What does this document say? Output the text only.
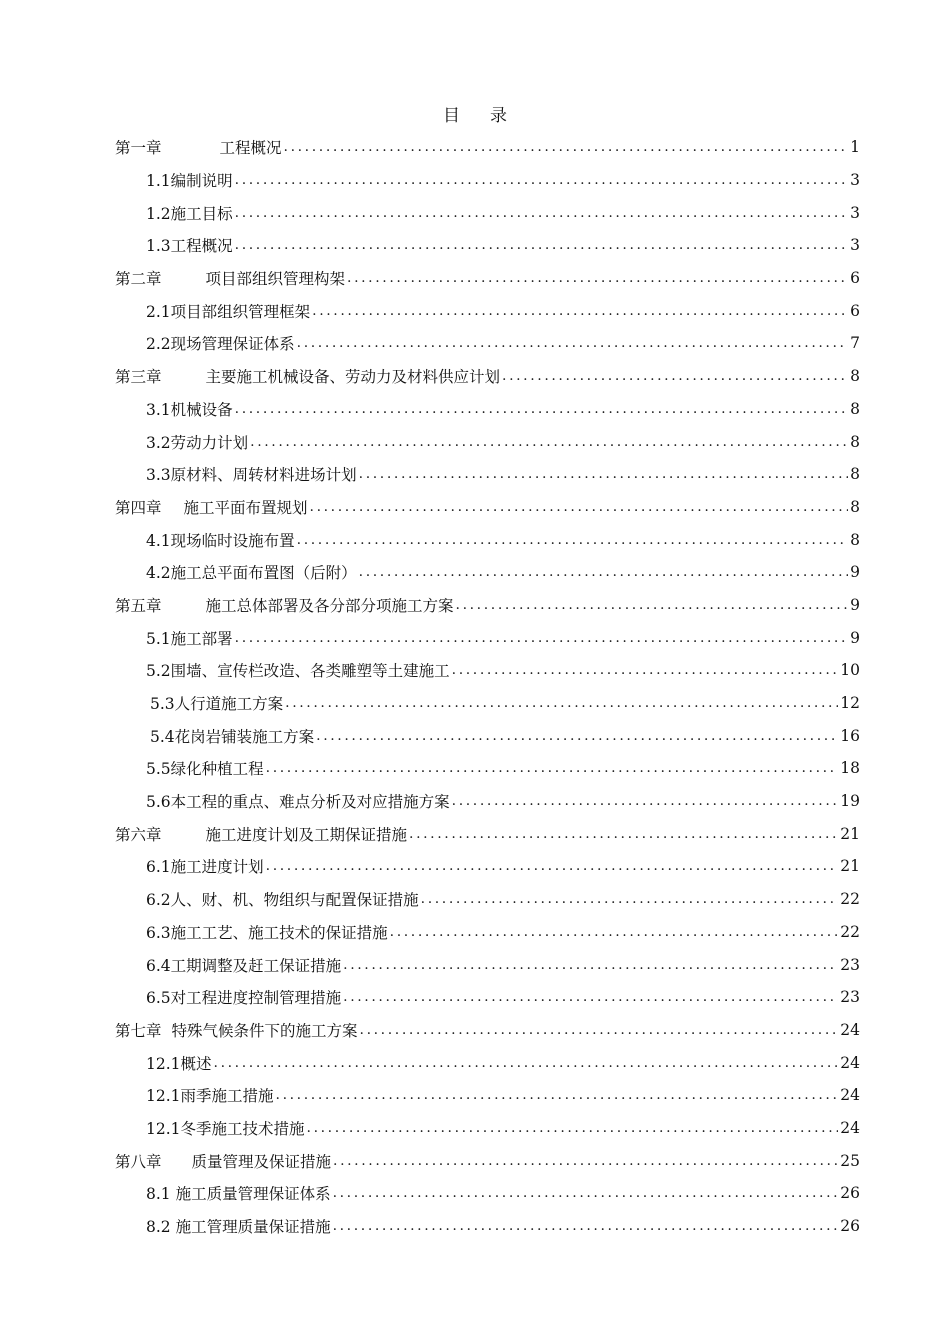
目 录
第一章	工程概况 .....	1
1.1编制说明 .....	3
1.2施工目标 .....	3
1.3工程概况 .....	3
第二章	项目部组织管理构架 .....	6
2.1项目部组织管理框架 .....	6
2.2现场管理保证体系 .....	7
第三章	主要施工机械设备、劳动力及材料供应计划 .....	8
3.1机械设备 .....	8
3.2劳动力计划 .....	8
3.3原材料、周转材料进场计划 .....	8
第四章 施工平面布置规划 .....	8
4.1现场临时设施布置 .....	8
4.2施工总平面布置图（后附） .....	9
第五章	施工总体部署及各分部分项施工方案 .....	9
5.1施工部署 .....	9
5.2围墙、宣传栏改造、各类雕塑等土建施工 .....	10
5.3人行道施工方案 .....	12
5.4花岗岩铺装施工方案 .....	16
5.5绿化种植工程 .....	18
5.6本工程的重点、难点分析及对应措施方案 .....	19
第六章	施工进度计划及工期保证措施 .....	21
6.1施工进度计划 .....	21
6.2人、财、机、物组织与配置保证措施 .....	22
6.3施工工艺、施工技术的保证措施 .....	22
6.4工期调整及赶工保证措施 .....	23
6.5对工程进度控制管理措施 .....	23
第七章 特殊气候条件下的施工方案 .....	24
12.1概述 .....	24
12.1雨季施工措施 .....	24
12.1冬季施工技术措施 .....	24
第八章 质量管理及保证措施 .....	25
8.1 施工质量管理保证体系 .....	26
8.2 施工管理质量保证措施 .....	26
